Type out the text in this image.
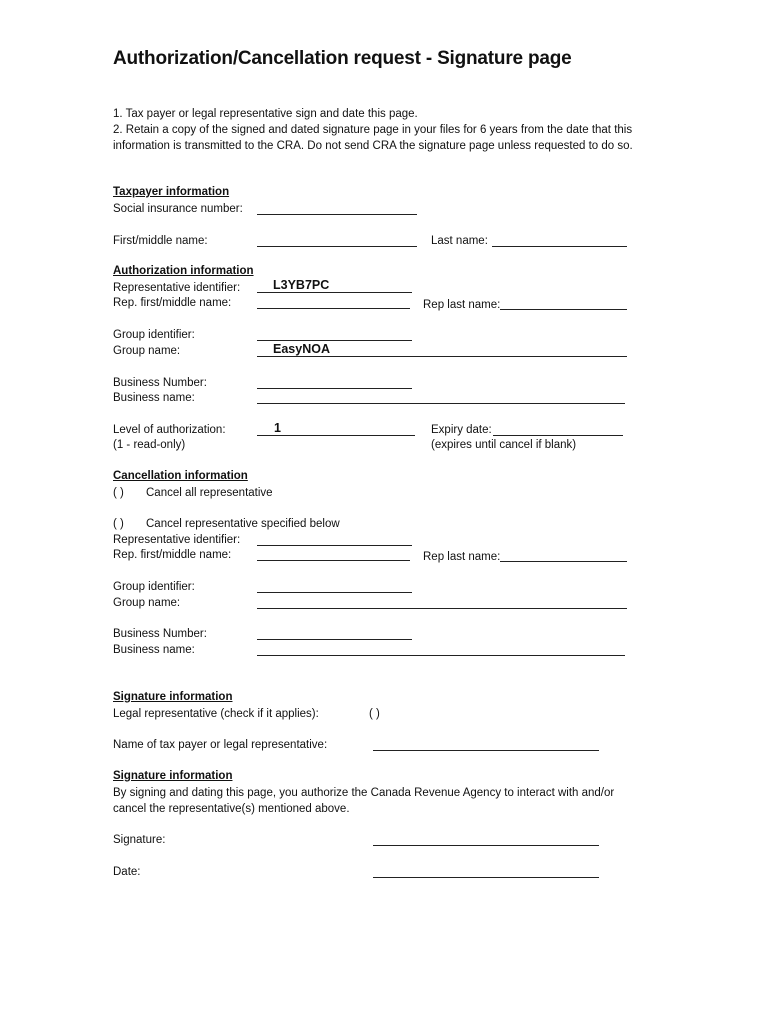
Authorization/Cancellation request - Signature page
1. Tax payer or legal representative sign and date this page.
2. Retain a copy of the signed and dated signature page in your files for 6 years from the date that this information is transmitted to the CRA. Do not send CRA the signature page unless requested to do so.
Taxpayer information
Social insurance number:
First/middle name:	Last name:
Authorization information
Representative identifier:	L3YB7PC
Rep. first/middle name:	Rep last name:
Group identifier:
Group name:	EasyNOA
Business Number:
Business name:
Level of authorization:	1
(1 - read-only)
Expiry date:
(expires until cancel if blank)
Cancellation information
( ) Cancel all representative
( ) Cancel representative specified below
Representative identifier:
Rep. first/middle name:	Rep last name:
Group identifier:
Group name:
Business Number:
Business name:
Signature information
Legal representative (check if it applies):	( )
Name of tax payer or legal representative:
Signature information
By signing and dating this page, you authorize the Canada Revenue Agency to interact with and/or cancel the representative(s) mentioned above.
Signature:
Date:
